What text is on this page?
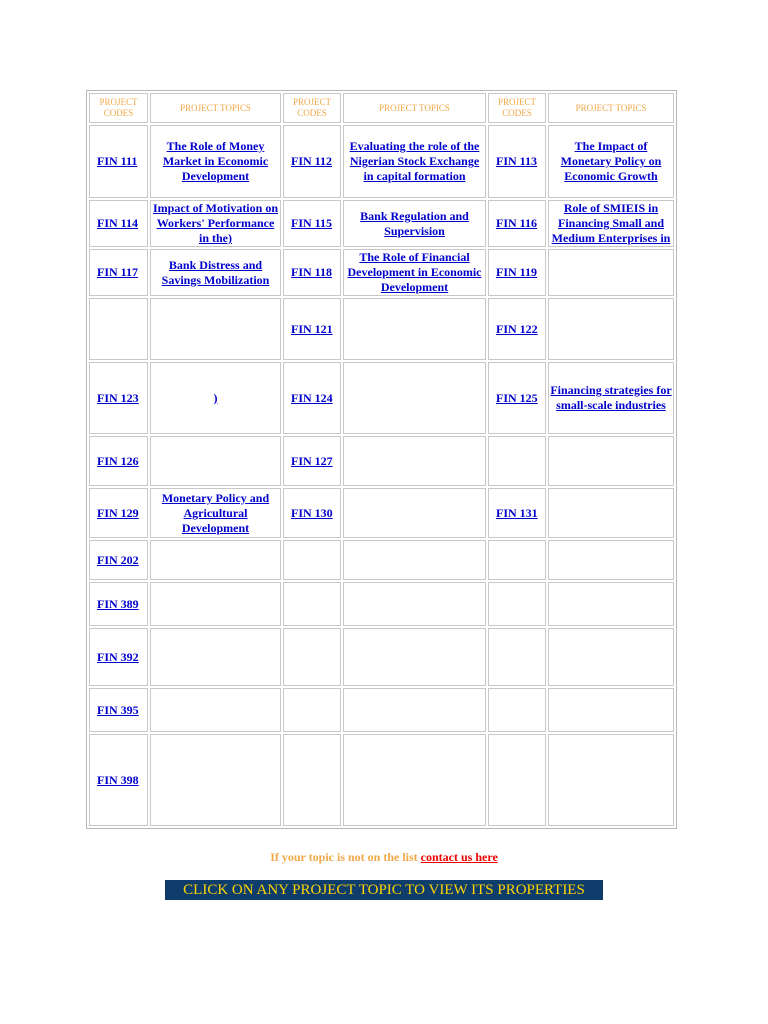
PROJECT CODES	PROJECT TOPICS	PROJECT CODES	PROJECT TOPICS	PROJECT CODES	PROJECT TOPICS
FIN 111	The Role of Money Market in Economic Development	FIN 112	Evaluating the role of the Nigerian Stock Exchange in capital formation	FIN 113	The Impact of Monetary Policy on Economic Growth
FIN 114	Impact of Motivation on Workers' Performance in the)	FIN 115	Bank Regulation and Supervision	FIN 116	Role of SMIEIS in Financing Small and Medium Enterprises in
FIN 117	Bank Distress and Savings Mobilization	FIN 118	The Role of Financial Development in Economic Development	FIN 119	
		FIN 121		FIN 122	
FIN 123	)	FIN 124		FIN 125	Financing strategies for small-scale industries
FIN 126		FIN 127			
FIN 129	Monetary Policy and Agricultural Development	FIN 130		FIN 131	
FIN 202					
FIN 389					
FIN 392					
FIN 395					
FIN 398					
If your topic is not on the list contact us here
CLICK ON ANY PROJECT TOPIC TO VIEW ITS PROPERTIES
